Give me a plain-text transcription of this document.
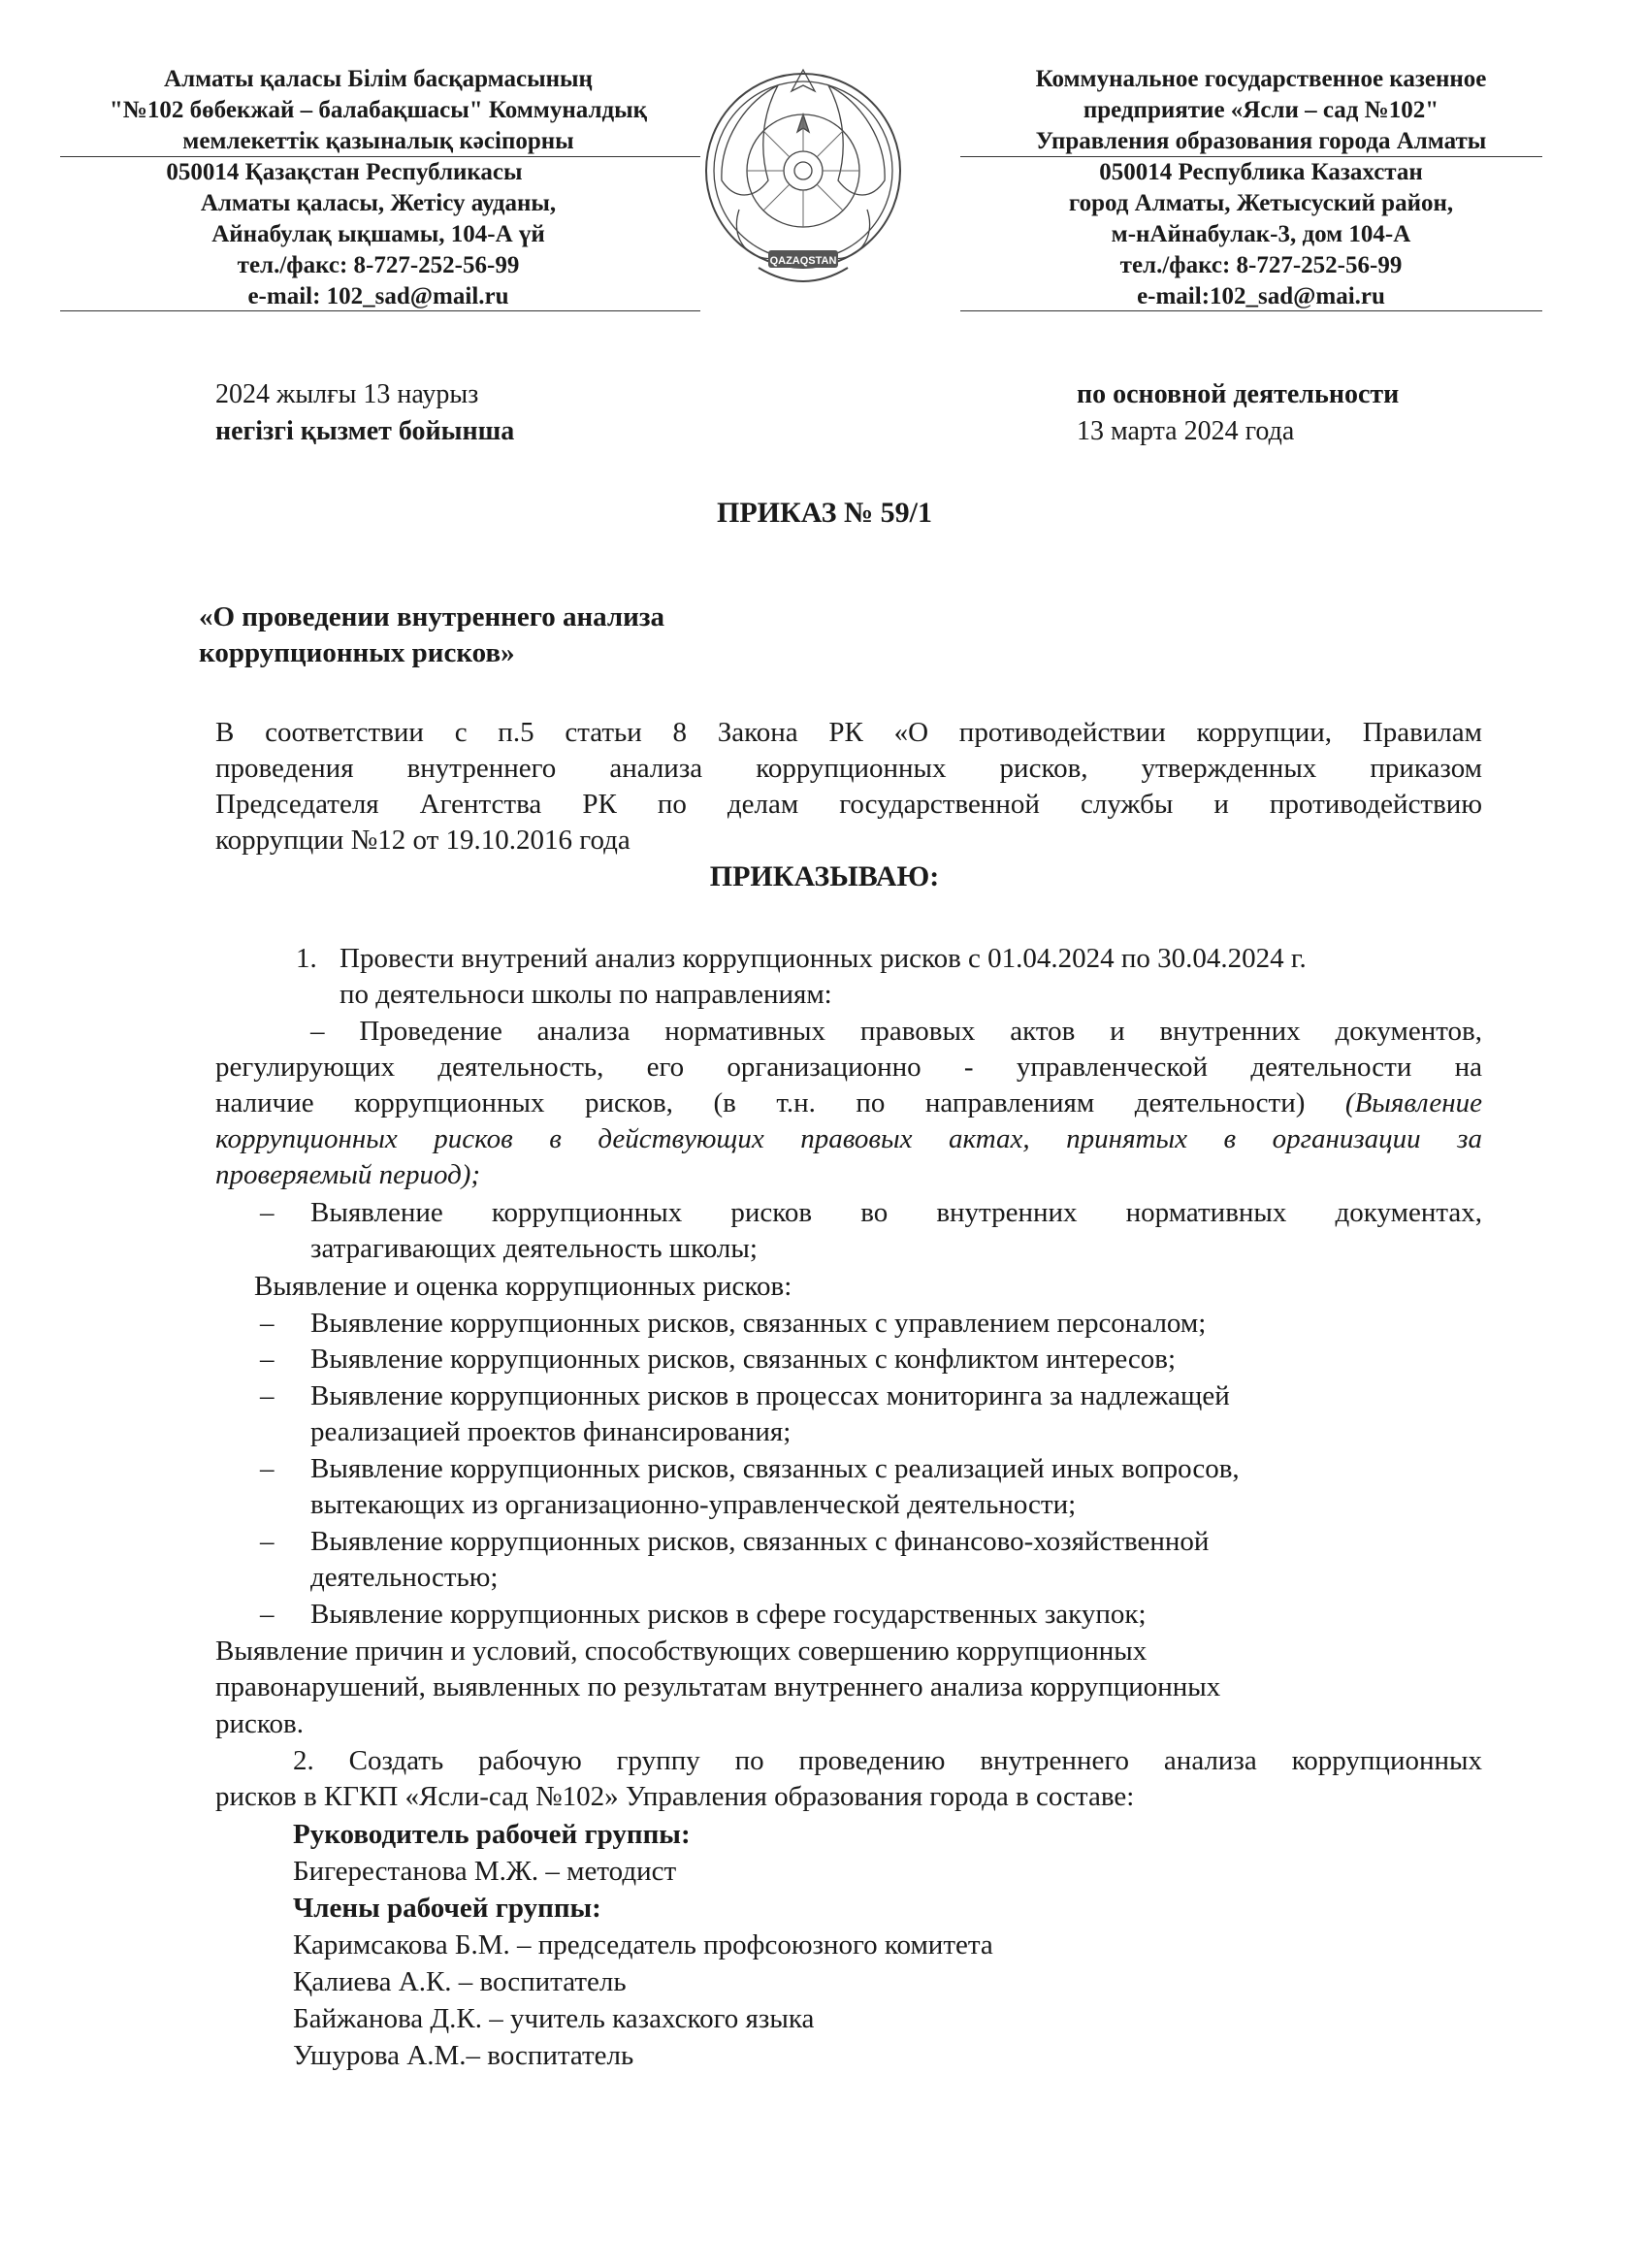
Алматы қаласы Білім басқармасының
"№102 бөбекжай – балабақшасы" Коммуналдық
мемлекеттік қазыналық кәсіпорны
050014 Қазақстан Республикасы
Алматы қаласы, Жетісу ауданы,
Айнабулақ ықшамы, 104-А үй
тел./факс: 8-727-252-56-99
e-mail: 102_sad@mail.ru
QAZAQSTAN
Коммунальное государственное казенное
предприятие «Ясли – сад №102"
Управления образования города Алматы
050014 Республика Казахстан
город Алматы, Жетысуский район,
м-нАйнабулак-3, дом 104-А
тел./факс: 8-727-252-56-99
e-mail:102_sad@mai.ru
2024 жылғы 13 наурыз
негізгі қызмет бойынша
по основной деятельности
13 марта 2024 года
ПРИКАЗ № 59/1
«О проведении внутреннего анализа
коррупционных рисков»
В соответствии с п.5 статьи 8 Закона РК «О противодействии коррупции, Правилам
проведения внутреннего анализа коррупционных рисков, утвержденных приказом
Председателя Агентства РК по делам государственной службы и противодействию
коррупции №12 от 19.10.2016 года
ПРИКАЗЫВАЮ:
1. Провести внутрений анализ коррупционных рисков с 01.04.2024 по 30.04.2024 г.
по деятельноси школы по направлениям:
– Проведение анализа нормативных правовых актов и внутренних документов,
регулирующих деятельность, его организационно - управленческой деятельности на
наличие коррупционных рисков, (в т.н. по направлениям деятельности) (Выявление
коррупционных рисков в действующих правовых актах, принятых в организации за
проверяемый период);
– Выявление коррупционных рисков во внутренних нормативных документах,
затрагивающих деятельность школы;
Выявление и оценка коррупционных рисков:
– Выявление коррупционных рисков, связанных с управлением персоналом;
– Выявление коррупционных рисков, связанных с конфликтом интересов;
– Выявление коррупционных рисков в процессах мониторинга за надлежащей
реализацией проектов финансирования;
– Выявление коррупционных рисков, связанных с реализацией иных вопросов,
вытекающих из организационно-управленческой деятельности;
– Выявление коррупционных рисков, связанных с финансово-хозяйственной
деятельностью;
– Выявление коррупционных рисков в сфере государственных закупок;
Выявление причин и условий, способствующих совершению коррупционных
правонарушений, выявленных по результатам внутреннего анализа коррупционных
рисков.
2. Создать рабочую группу по проведению внутреннего анализа коррупционных
рисков в КГКП «Ясли-сад №102» Управления образования города в составе:
Руководитель рабочей группы:
Бигерестанова М.Ж. – методист
Члены рабочей группы:
Каримсакова Б.М. – председатель профсоюзного комитета
Қалиева А.К. – воспитатель
Байжанова Д.К. – учитель казахского языка
Ушурова А.М.– воспитатель
